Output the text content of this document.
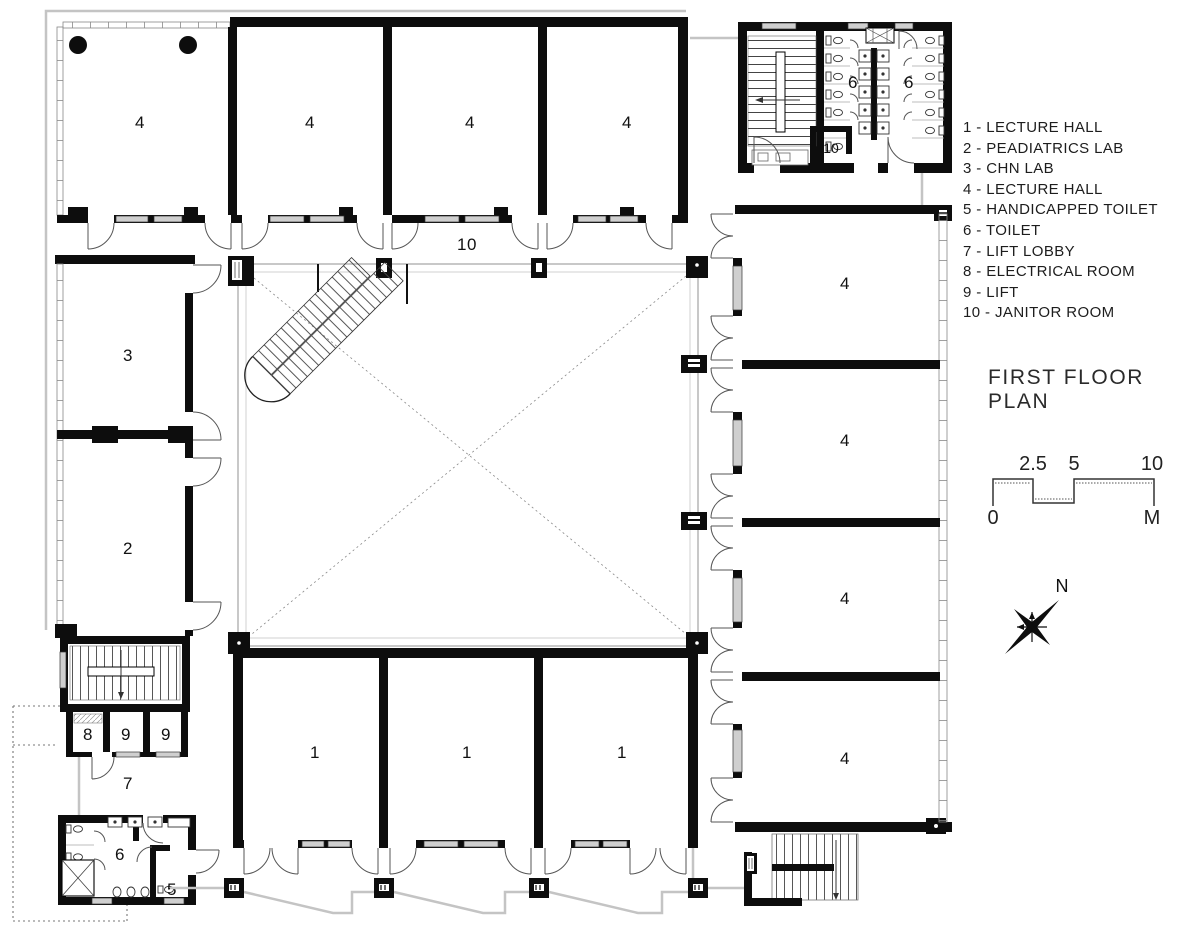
4	4	4	4
10
6	6
10
4
4
4
4
3
2
8 9 9
7
6
5
1	1	1
2.5 5	10
0	M
N
1 - LECTURE HALL
2 - PEADIATRICS LAB
3 - CHN LAB
4 - LECTURE HALL
5 - HANDICAPPED TOILET
6 - TOILET
7 - LIFT LOBBY
8 - ELECTRICAL ROOM
9 - LIFT
10 - JANITOR ROOM
FIRST FLOOR PLAN
